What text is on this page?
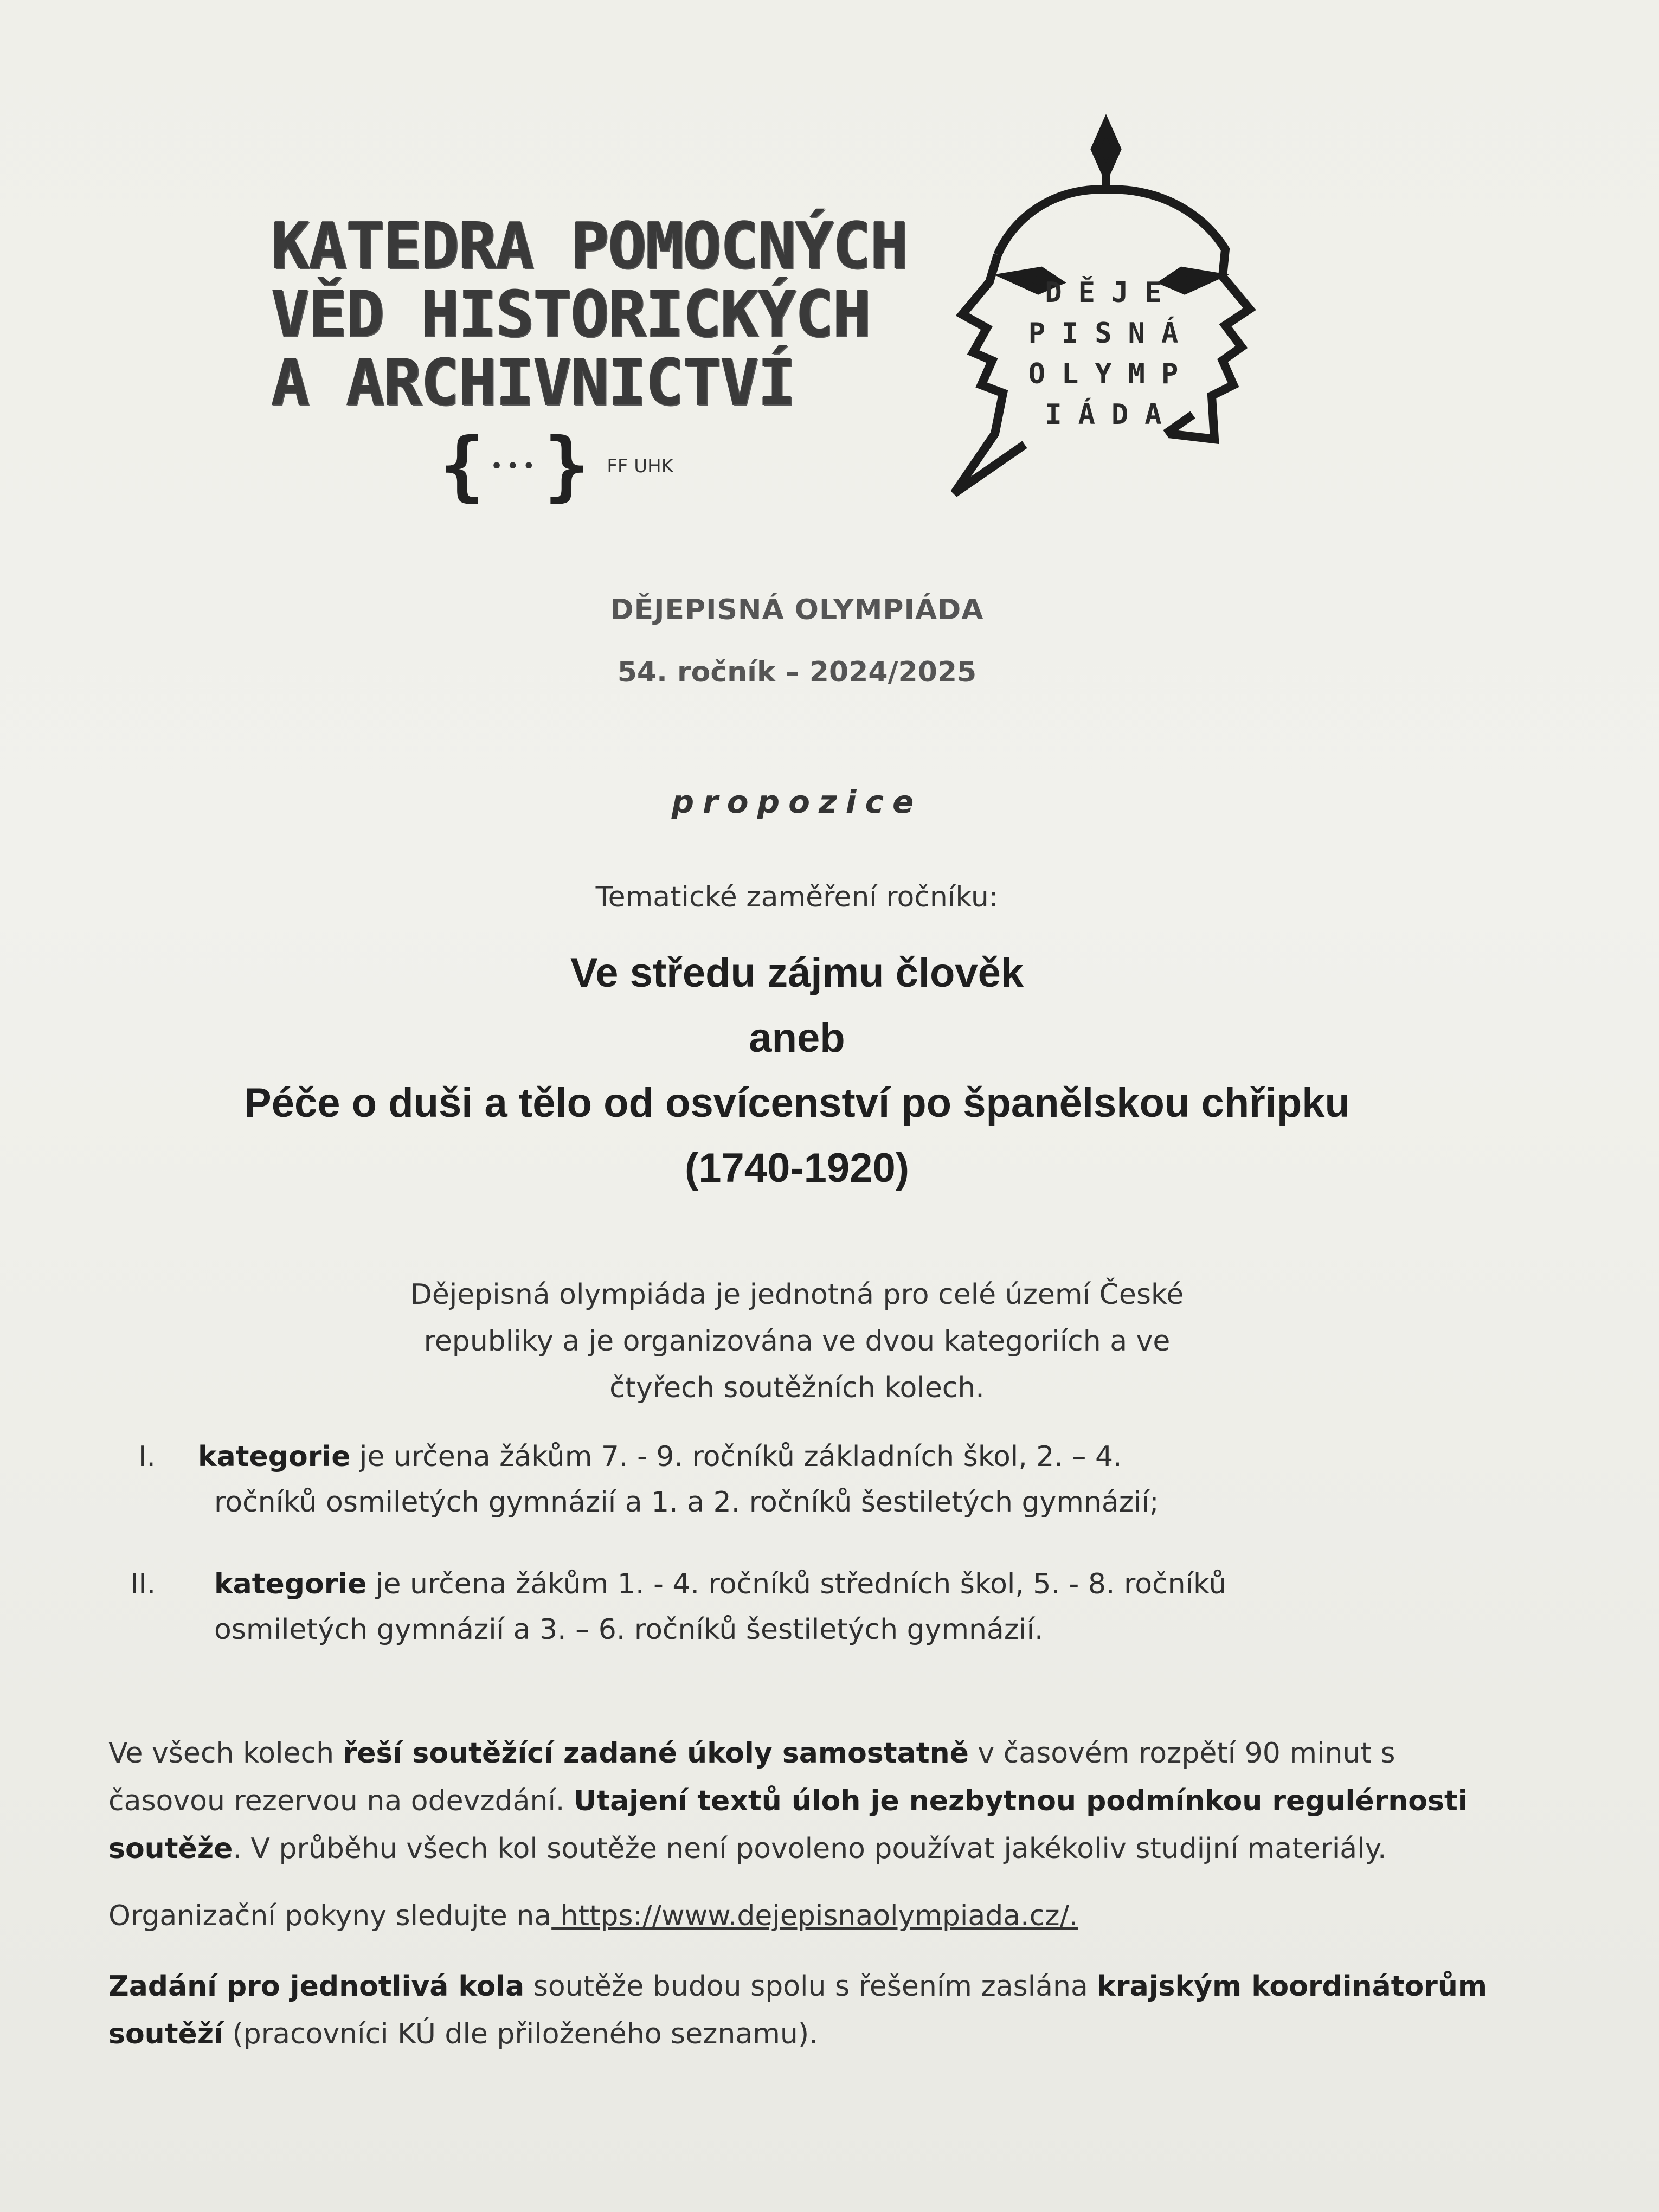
KATEDRA POMOCNÝCH
VĚD HISTORICKÝCH
A ARCHIVNICTVÍ
{ ••• } FF UHK
DĚJE
PISNÁ
OLYMP
IÁDA
DĚJEPISNÁ OLYMPIÁDA
54. ročník – 2024/2025
propozice
Tematické zaměření ročníku:
Ve středu zájmu člověk
aneb
Péče o duši a tělo od osvícenství po španělskou chřipku
(1740-1920)
Dějepisná olympiáda je jednotná pro celé území České
republiky a je organizována ve dvou kategoriích a ve
čtyřech soutěžních kolech.
I. kategorie je určena žákům 7. - 9. ročníků základních škol, 2. – 4.
ročníků osmiletých gymnázií a 1. a 2. ročníků šestiletých gymnázií;
II. kategorie je určena žákům 1. - 4. ročníků středních škol, 5. - 8. ročníků
osmiletých gymnázií a 3. – 6. ročníků šestiletých gymnázií.
Ve všech kolech řeší soutěžící zadané úkoly samostatně v časovém rozpětí 90 minut s
časovou rezervou na odevzdání. Utajení textů úloh je nezbytnou podmínkou regulérnosti
soutěže. V průběhu všech kol soutěže není povoleno používat jakékoliv studijní materiály.
Organizační pokyny sledujte na https://www.dejepisnaolympiada.cz/.
Zadání pro jednotlivá kola soutěže budou spolu s řešením zaslána krajským koordinátorům
soutěží (pracovníci KÚ dle přiloženého seznamu).
